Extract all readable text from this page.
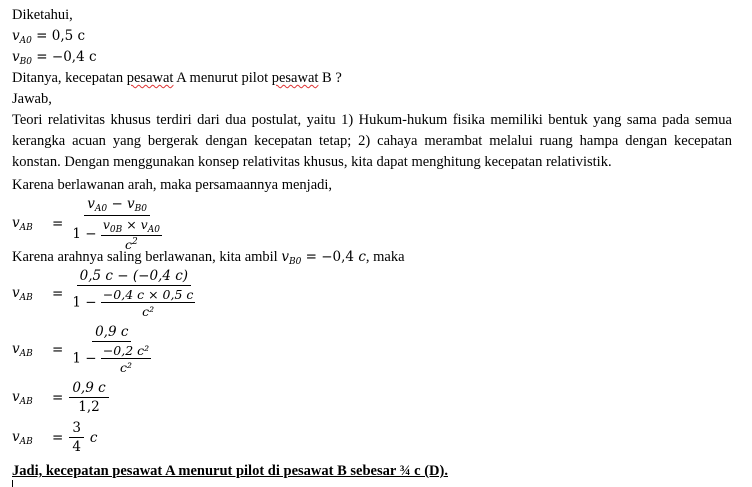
Diketahui,
$v_{A0} = 0,5$ c
$v_{B0} = -0,4$ c
Ditanya, kecepatan pesawat A menurut pilot pesawat B ?
Jawab,
Teori relativitas khusus terdiri dari dua postulat, yaitu 1) Hukum-hukum fisika memiliki bentuk yang sama pada semua kerangka acuan yang bergerak dengan kecepatan tetap; 2) cahaya merambat melalui ruang hampa dengan kecepatan konstan. Dengan menggunakan konsep relativitas khusus, kita dapat menghitung kecepatan relativistik.
Karena berlawanan arah, maka persamaannya menjadi,
$v_{AB}$	= $\frac{v_{A0} - v_{B0}}{1 - \frac{v_{0B} \times v_{A0}}{c^2}}$
Karena arahnya saling berlawanan, kita ambil $v_{B0} = -0,4$ c, maka
$v_{AB}$	= $\frac{0,5 c - (-0,4 c)}{1 - \frac{-0,4 c \times 0,5 c}{\text{c²}}}$
$v_{AB}$	= $\frac{0,9 c}{1 - \frac{\text{−0,2 c²}}{\text{c²}}}$
$v_{AB}$	= $\frac{0,9 c}{1,2}$
$v_{AB}$	= $\frac{3}{4}$ c
Jadi, kecepatan pesawat A menurut pilot di pesawat B sebesar ¾ c (D).
